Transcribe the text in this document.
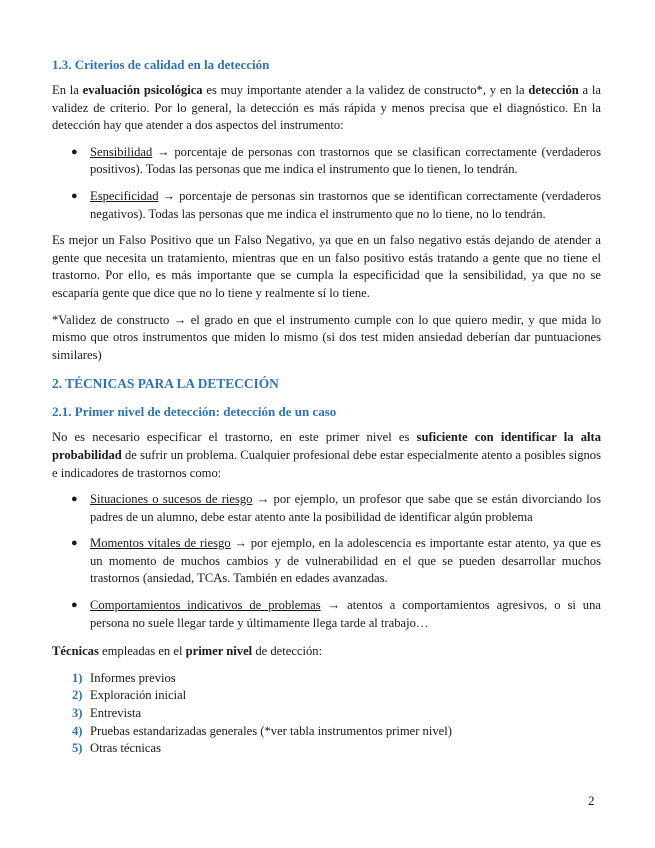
1.3. Criterios de calidad en la detección

En la evaluación psicológica es muy importante atender a la validez de constructo*, y en la detección a la validez de criterio. Por lo general, la detección es más rápida y menos precisa que el diagnóstico. En la detección hay que atender a dos aspectos del instrumento:

● Sensibilidad → porcentaje de personas con trastornos que se clasifican correctamente (verdaderos positivos). Todas las personas que me indica el instrumento que lo tienen, lo tendrán.
● Especificidad → porcentaje de personas sin trastornos que se identifican correctamente (verdaderos negativos). Todas las personas que me indica el instrumento que no lo tiene, no lo tendrán.

Es mejor un Falso Positivo que un Falso Negativo, ya que en un falso negativo estás dejando de atender a gente que necesita un tratamiento, mientras que en un falso positivo estás tratando a gente que no tiene el trastorno. Por ello, es más importante que se cumpla la especificidad que la sensibilidad, ya que no se escaparía gente que dice que no lo tiene y realmente sí lo tiene.

*Validez de constructo → el grado en que el instrumento cumple con lo que quiero medir, y que mida lo mismo que otros instrumentos que miden lo mismo (si dos test miden ansiedad deberían dar puntuaciones similares)

2. TÉCNICAS PARA LA DETECCIÓN
2.1. Primer nivel de detección: detección de un caso

No es necesario especificar el trastorno, en este primer nivel es suficiente con identificar la alta probabilidad de sufrir un problema. Cualquier profesional debe estar especialmente atento a posibles signos e indicadores de trastornos como:

● Situaciones o sucesos de riesgo → por ejemplo, un profesor que sabe que se están divorciando los padres de un alumno, debe estar atento ante la posibilidad de identificar algún problema
● Momentos vitales de riesgo → por ejemplo, en la adolescencia es importante estar atento, ya que es un momento de muchos cambios y de vulnerabilidad en el que se pueden desarrollar muchos trastornos (ansiedad, TCAs. También en edades avanzadas.
● Comportamientos indicativos de problemas → atentos a comportamientos agresivos, o si una persona no suele llegar tarde y últimamente llega tarde al trabajo…

Técnicas empleadas en el primer nivel de detección:

1) Informes previos
2) Exploración inicial
3) Entrevista
4) Pruebas estandarizadas generales (*ver tabla instrumentos primer nivel)
5) Otras técnicas
2
